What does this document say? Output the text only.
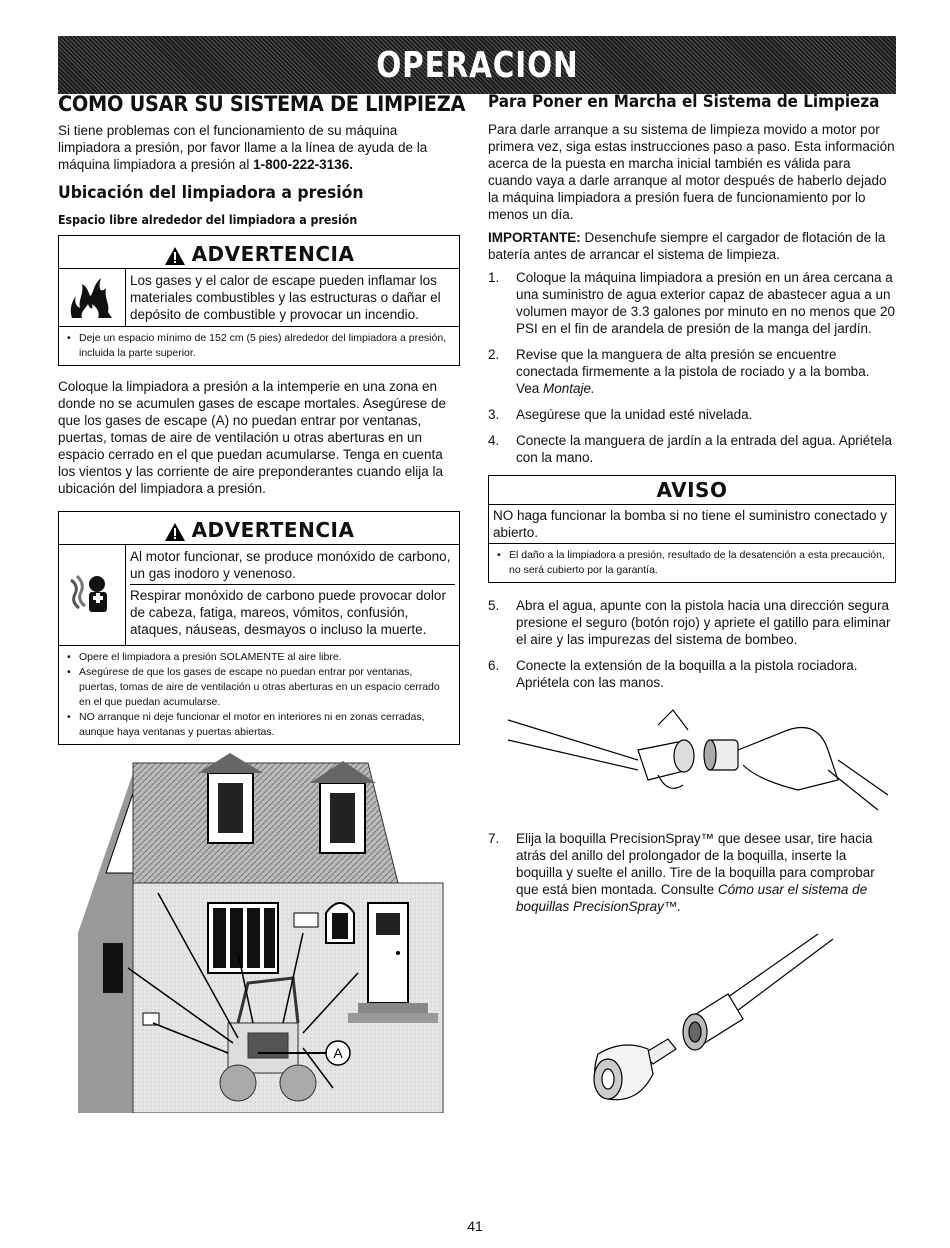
OPERACION
COMO USAR SU SISTEMA DE LIMPIEZA

Si tiene problemas con el funcionamiento de su máquina limpiadora a presión, por favor llame a la línea de ayuda de la máquina limpiadora a presión al 1-800-222-3136.

Ubicación del limpiadora a presión
Espacio libre alrededor del limpiadora a presión
ADVERTENCIA
Los gases y el calor de escape pueden inflamar los materiales combustibles y las estructuras o dañar el depósito de combustible y provocar un incendio.
• Deje un espacio mínimo de 152 cm (5 pies) alrededor del limpiadora a presión, incluida la parte superior.

Coloque la limpiadora a presión a la intemperie en una zona en donde no se acumulen gases de escape mortales. Asegúrese de que los gases de escape (A) no puedan entrar por ventanas, puertas, tomas de aire de ventilación u otras aberturas en un espacio cerrado en el que puedan acumularse. Tenga en cuenta los vientos y las corriente de aire preponderantes cuando elija la ubicación del limpiadora a presión.

ADVERTENCIA
Al motor funcionar, se produce monóxido de carbono, un gas inodoro y venenoso.
Respirar monóxido de carbono puede provocar dolor de cabeza, fatiga, mareos, vómitos, confusión, ataques, náuseas, desmayos o incluso la muerte.
• Opere el limpiadora a presión SOLAMENTE al aire libre.
• Asegúrese de que los gases de escape no puedan entrar por ventanas, puertas, tomas de aire de ventilación u otras aberturas en un espacio cerrado en el que puedan acumularse.
• NO arranque ni deje funcionar el motor en interiores ni en zonas cerradas, aunque haya ventanas y puertas abiertas.
A
Para Poner en Marcha el Sistema de Limpieza

Para darle arranque a su sistema de limpieza movido a motor por primera vez, siga estas instrucciones paso a paso. Esta información acerca de la puesta en marcha inicial también es válida para cuando vaya a darle arranque al motor después de haberlo dejado la máquina limpiadora a presión fuera de funcionamiento por lo menos un día.

IMPORTANTE: Desenchufe siempre el cargador de flotación de la batería antes de arrancar el sistema de limpieza.

1. Coloque la máquina limpiadora a presión en un área cercana a una suministro de agua exterior capaz de abastecer agua a un volumen mayor de 3.3 galones por minuto en no menos que 20 PSI en el fin de arandela de presión de la manga del jardín.
2. Revise que la manguera de alta presión se encuentre conectada firmemente a la pistola de rociado y a la bomba. Vea Montaje.
3. Asegúrese que la unidad esté nivelada.
4. Conecte la manguera de jardín a la entrada del agua. Apriétela con la mano.
AVISO
NO haga funcionar la bomba si no tiene el suministro conectado y abierto.
• El daño a la limpiadora a presión, resultado de la desatención a esta precaución, no será cubierto por la garantía.
5. Abra el agua, apunte con la pistola hacia una dirección segura presione el seguro (botón rojo) y apriete el gatillo para eliminar el aire y las impurezas del sistema de bombeo.
6. Conecte la extensión de la boquilla a la pistola rociadora. Apriétela con las manos.
7. Elija la boquilla PrecisionSpray™ que desee usar, tire hacia atrás del anillo del prolongador de la boquilla, inserte la boquilla y suelte el anillo. Tire de la boquilla para comprobar que está bien montada. Consulte Cómo usar el sistema de boquillas PrecisionSpray™.
41
